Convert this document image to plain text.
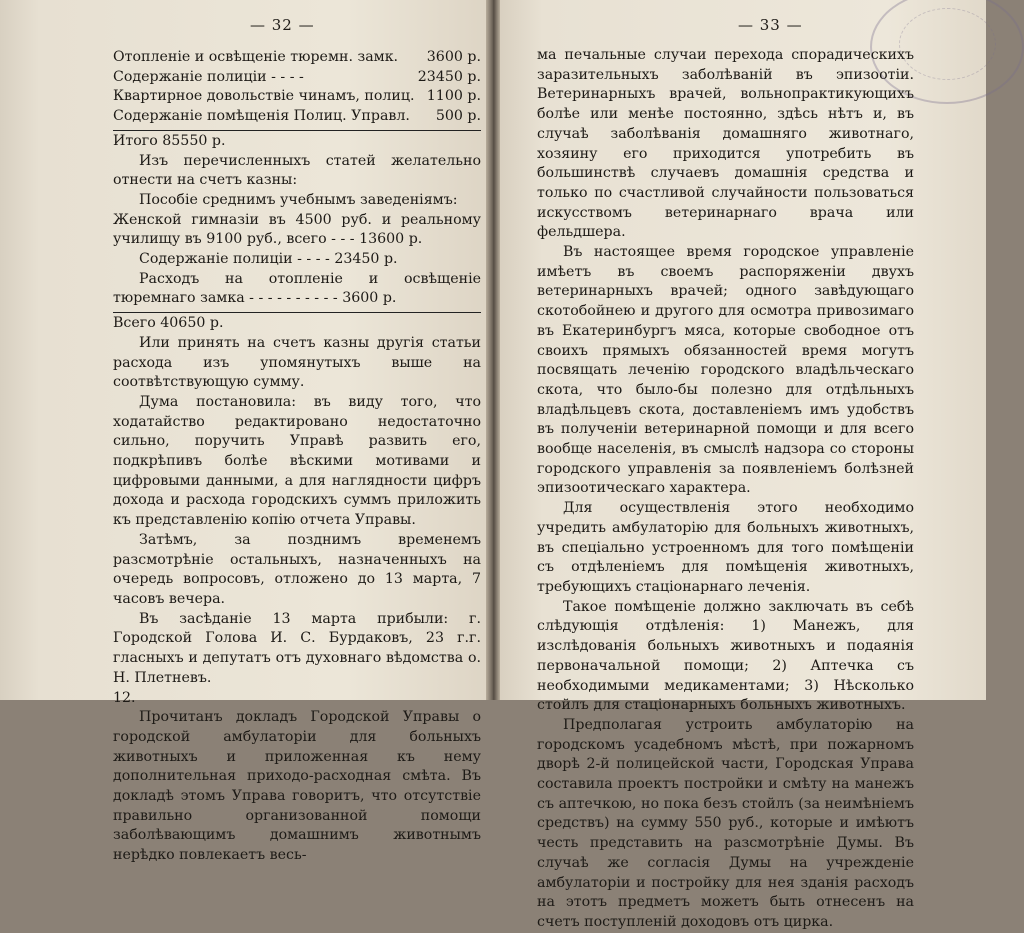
— 32 —
Отопленіе и освѣщеніе тюремн. замк.	3600 р.
Содержаніе полиціи - - - -	23450 р.
Квартирное довольствіе чинамъ, полиц. 1100 р.
Содержаніе помѣщенія Полиц. Управл.	500 р.

Итого 85550 р.

Изъ перечисленныхъ статей желательно отнести на счетъ казны:

Пособіе среднимъ учебнымъ заведеніямъ:

Женской гимназіи въ 4500 руб. и реальному училищу въ 9100 руб., всего - - - 13600 р.

Содержаніе полиціи - - - - 23450 р.

Расходъ на отопленіе и освѣщеніе тюремнаго замка - - - - - - - - - - 3600 р.

Всего 40650 р.

Или принять на счетъ казны другія статьи расхода изъ упомянутыхъ выше на соотвѣтствующую сумму.

Дума постановила: въ виду того, что ходатайство редактировано недостаточно сильно, поручить Управѣ развить его, подкрѣпивъ болѣе вѣскими мотивами и цифровыми данными, а для наглядности цифръ дохода и расхода городскихъ суммъ приложить къ представленію копію отчета Управы.

Затѣмъ, за позднимъ временемъ разсмотрѣніе остальныхъ, назначенныхъ на очередь вопросовъ, отложено до 13 марта, 7 часовъ вечера.

Въ засѣданіе 13 марта прибыли: г. Городской Голова И. С. Бурдаковъ, 23 г.г. гласныхъ и депутатъ отъ духовнаго вѣдомства о. Н. Плетневъ.

12.

Прочитанъ докладъ Городской Управы о городской амбулаторіи для больныхъ животныхъ и приложенная къ нему дополнительная приходо-расходная смѣта. Въ докладѣ этомъ Управа говоритъ, что отсутствіе правильно организованной помощи заболѣвающимъ домашнимъ животнымъ нерѣдко повлекаетъ весь-

— 33 —

ма печальные случаи перехода спорадическихъ заразительныхъ заболѣваній въ эпизоотіи. Ветеринарныхъ врачей, вольнопрактикующихъ болѣе или менѣе постоянно, здѣсь нѣтъ и, въ случаѣ заболѣванія домашняго животнаго, хозяину его приходится употребить въ большинствѣ случаевъ домашнія средства и только по счастливой случайности пользоваться искусствомъ ветеринарнаго врача или фельдшера.

Въ настоящее время городское управленіе имѣетъ въ своемъ распоряженіи двухъ ветеринарныхъ врачей; одного завѣдующаго скотобойнею и другого для осмотра привозимаго въ Екатеринбургъ мяса, которые свободное отъ своихъ прямыхъ обязанностей время могутъ посвящать леченію городского владѣльческаго скота, что было-бы полезно для отдѣльныхъ владѣльцевъ скота, доставленіемъ имъ удобствъ въ полученіи ветеринарной помощи и для всего вообще населенія, въ смыслѣ надзора со стороны городского управленія за появленіемъ болѣзней эпизоотическаго характера.

Для осуществленія этого необходимо учредить амбулаторію для больныхъ животныхъ, въ спеціально устроенномъ для того помѣщеніи съ отдѣленіемъ для помѣщенія животныхъ, требующихъ стаціонарнаго леченія.

Такое помѣщеніе должно заключать въ себѣ слѣдующія отдѣленія: 1) Манежъ, для изслѣдованія больныхъ животныхъ и подаянія первоначальной помощи; 2) Аптечка съ необходимыми медикаментами; 3) Нѣсколько стойлъ для стаціонарныхъ больныхъ животныхъ.

Предполагая устроить амбулаторію на городскомъ усадебномъ мѣстѣ, при пожарномъ дворѣ 2-й полицейской части, Городская Управа составила проектъ постройки и смѣту на манежъ съ аптечкою, но пока безъ стойлъ (за неимѣніемъ средствъ) на сумму 550 руб., которые и имѣютъ честь представить на разсмотрѣніе Думы. Въ случаѣ же согласія Думы на учрежденіе амбулаторіи и постройку для нея зданія расходъ на этотъ предметъ можетъ быть отнесенъ на счетъ поступленій доходовъ отъ цирка.
